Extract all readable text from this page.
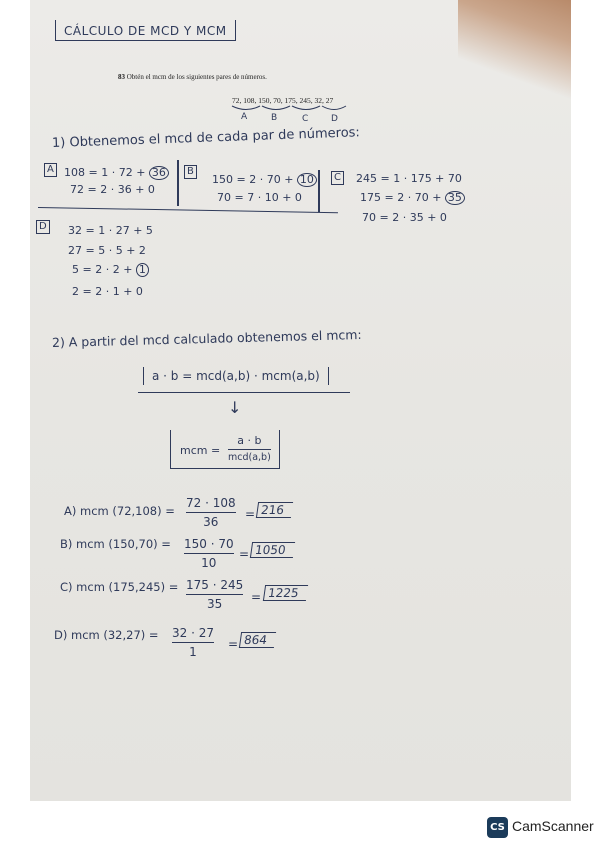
CÁLCULO DE MCD Y MCM
83 Obtén el mcm de los siguientes pares de números.
72, 108, 150, 70, 175, 245, 32, 27
A	B	C	D
1) Obtenemos el mcd de cada par de números:
A 108 = 1 · 72 + 36
72 = 2 · 36 + 0
B
150 = 2 · 70 + 10
70 = 7 · 10 + 0
C 245 = 1 · 175 + 70
175 = 2 · 70 + 35
70 = 2 · 35 + 0
D 32 = 1 · 27 + 5
27 = 5 · 5 + 2
5 = 2 · 2 + 1
2 = 2 · 1 + 0
2) A partir del mcd calculado obtenemos el mcm:
a · b = mcd(a,b) · mcm(a,b)
↓
mcm =
a · b
mcd(a,b)
A) mcm (72,108) =
72 · 108
36
= 216
B) mcm (150,70) = 150 · 70
10
= 1050
C) mcm (175,245) = 175 · 245
35
= 1225
D) mcm (32,27) = 32 · 27
1
= 864
CS CamScanner
